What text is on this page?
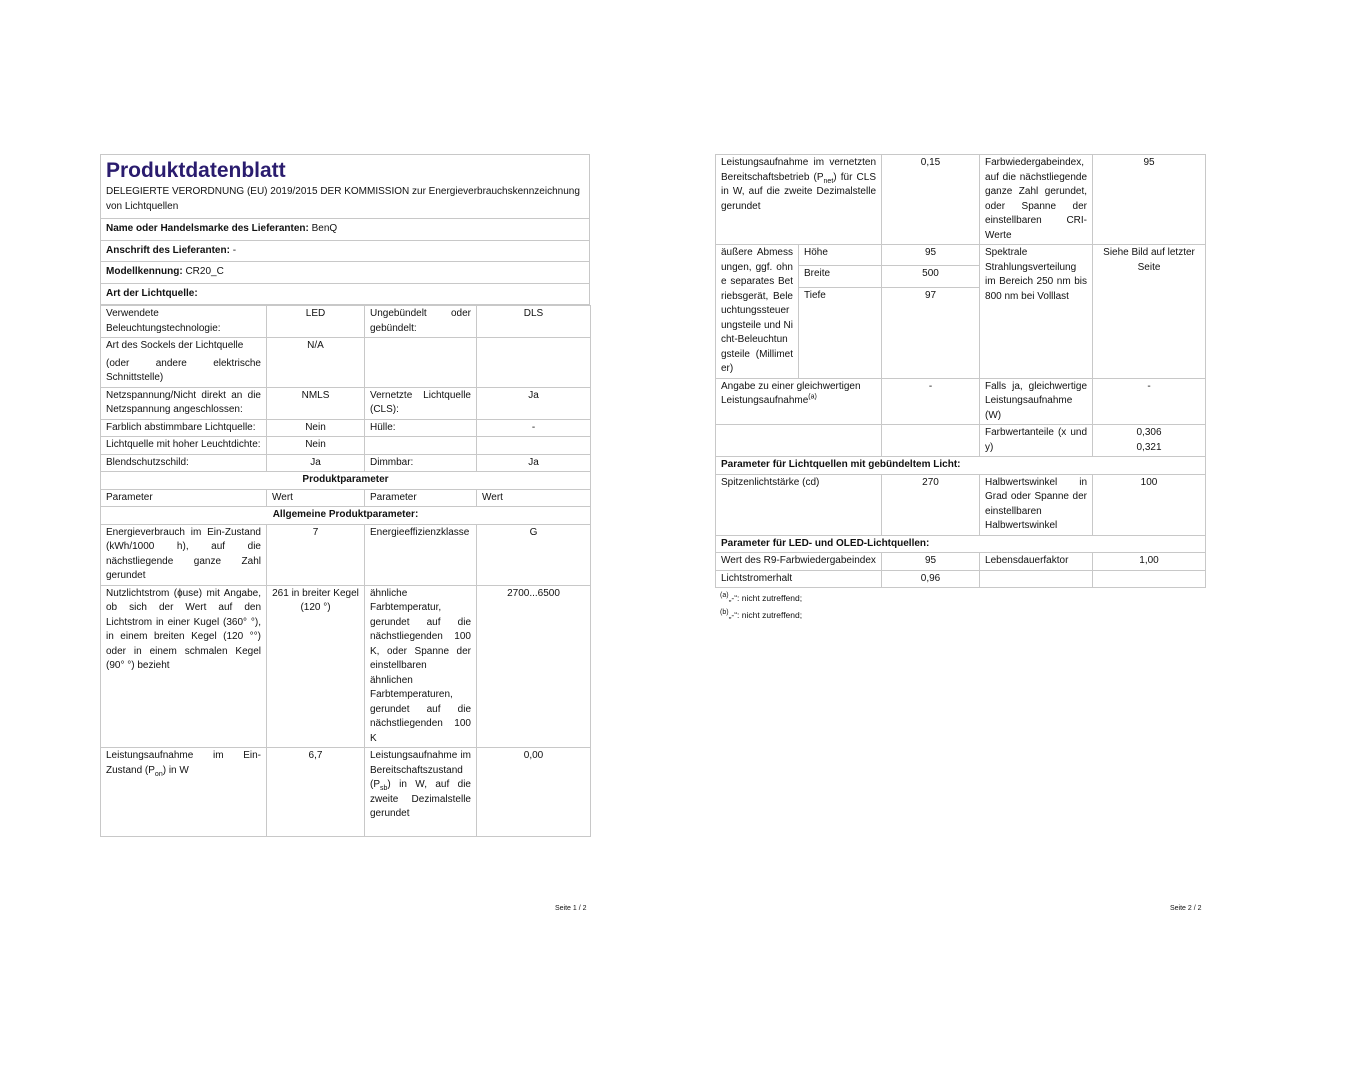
Produktdatenblatt
DELEGIERTE VERORDNUNG (EU) 2019/2015 DER KOMMISSION zur Energieverbrauchskennzeichnung von Lichtquellen
Name oder Handelsmarke des Lieferanten: BenQ
Anschrift des Lieferanten: -
Modellkennung: CR20_C
Art der Lichtquelle:
Verwendete Beleuchtungstechnologie:	LED	Ungebündelt oder gebündelt:	DLS

Art des Sockels der Lichtquelle
(oder andere elektrische Schnittstelle)	N/A		
Netzspannung/Nicht direkt an die Netzspannung angeschlossen:	NMLS	Vernetzte Lichtquelle (CLS):	Ja
Farblich abstimmbare Lichtquelle:	Nein	Hülle:	-
Lichtquelle mit hoher Leuchtdichte:	Nein		
Blendschutzschild:	Ja	Dimmbar:	Ja
Produktparameter			
Parameter	Wert	Parameter	Wert
Allgemeine Produktparameter:			
Energieverbrauch im Ein-Zustand (kWh/1000 h), auf die nächstliegende ganze Zahl gerundet	7	Energieeffizienzklasse	G
Nutzlichtstrom (ɸuse) mit Angabe, ob sich der Wert auf den Lichtstrom in einer Kugel (360° °), in einem breiten Kegel (120 °°) oder in einem schmalen Kegel (90° °) bezieht	261 in breiter Kegel (120 °)	ähnliche Farbtemperatur, gerundet auf die nächstliegenden 100 K, oder Spanne der einstellbaren ähnlichen Farbtemperaturen, gerundet auf die nächstliegenden 100 K	2700...6500
Leistungsaufnahme im Ein-Zustand $(P_{on})$ in W	6,7	Leistungsaufnahme im Bereitschaftszustand $(P_{sb})$ in W, auf die zweite Dezimalstelle gerundet	0,00
Seite 1 / 2
Leistungsaufnahme im vernetzten Bereitschaftsbetrieb $(P_{net})$ für CLS in W, auf die zweite Dezimalstelle gerundet		0,15	Farbwiedergabeindex, auf die nächstliegende ganze Zahl gerundet, oder Spanne der einstellbaren CRI-Werte	95
äußere Abmessungen, ggf. ohne separates Betriebsgerät, Beleuchtungssteuerungsteile und Nicht-Beleuchtungsteile (Millimeter)	Höhe	95	Spektrale Strahlungsverteilung im Bereich 250 nm bis 800 nm bei Volllast	Siehe Bild auf letzter Seite
	Breite	500		
	Tiefe	97		
Angabe zu einer gleichwertigen Leistungsaufnahme$^{(a)}$		-	Falls ja, gleichwertige Leistungsaufnahme (W)	-
			Farbwertanteile (x und y)	0,306
0,321

Parameter für Lichtquellen mit gebündeltem Licht:				
Spitzenlichtstärke (cd)		270	Halbwertswinkel in Grad oder Spanne der einstellbaren Halbwertswinkel	100
Parameter für LED- und OLED-Lichtquellen:				
Wert des R9-Farbwiedergabeindex		95	Lebensdauerfaktor	1,00
Lichtstromerhalt		0,96		
$^{(a)}$„-“: nicht zutreffend;
$^{(b)}$„-“: nicht zutreffend;
Seite 2 / 2
